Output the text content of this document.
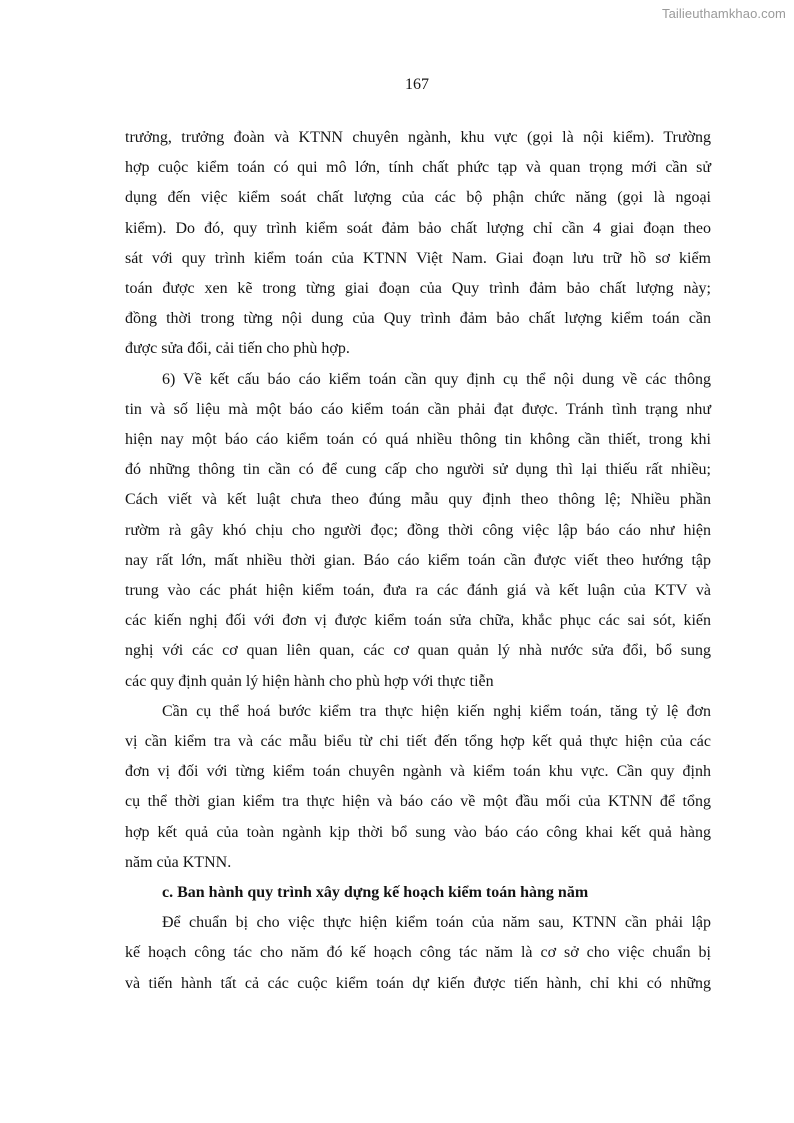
Tailieuthamkhao.com
167

trưởng, trưởng đoàn và KTNN chuyên ngành, khu vực (gọi là nội kiểm). Trường
hợp cuộc kiểm toán có qui mô lớn, tính chất phức tạp và quan trọng mới cần sử
dụng đến việc kiểm soát chất lượng của các bộ phận chức năng (gọi là ngoại
kiểm). Do đó, quy trình kiểm soát đảm bảo chất lượng chỉ cần 4 giai đoạn theo
sát với quy trình kiểm toán của KTNN Việt Nam. Giai đoạn lưu trữ hồ sơ kiểm
toán được xen kẽ trong từng giai đoạn của Quy trình đảm bảo chất lượng này;
đồng thời trong từng nội dung của Quy trình đảm bảo chất lượng kiểm toán cần
được sửa đổi, cải tiến cho phù hợp.

6) Về kết cấu báo cáo kiểm toán cần quy định cụ thể nội dung về các thông
tin và số liệu mà một báo cáo kiểm toán cần phải đạt được. Tránh tình trạng như
hiện nay một báo cáo kiểm toán có quá nhiều thông tin không cần thiết, trong khi
đó những thông tin cần có để cung cấp cho người sử dụng thì lại thiếu rất nhiều;
Cách viết và kết luật chưa theo đúng mẫu quy định theo thông lệ; Nhiều phần
rườm rà gây khó chịu cho người đọc; đồng thời công việc lập báo cáo như hiện
nay rất lớn, mất nhiều thời gian. Báo cáo kiểm toán cần được viết theo hướng tập
trung vào các phát hiện kiểm toán, đưa ra các đánh giá và kết luận của KTV và
các kiến nghị đối với đơn vị được kiểm toán sửa chữa, khắc phục các sai sót, kiến
nghị với các cơ quan liên quan, các cơ quan quản lý nhà nước sửa đổi, bổ sung
các quy định quản lý hiện hành cho phù hợp với thực tiễn

Cần cụ thể hoá bước kiểm tra thực hiện kiến nghị kiểm toán, tăng tỷ lệ đơn
vị cần kiểm tra và các mẫu biểu từ chi tiết đến tổng hợp kết quả thực hiện của các
đơn vị đối với từng kiểm toán chuyên ngành và kiểm toán khu vực. Cần quy định
cụ thể thời gian kiểm tra thực hiện và báo cáo về một đầu mối của KTNN để tổng
hợp kết quả của toàn ngành kịp thời bổ sung vào báo cáo công khai kết quả hàng
năm của KTNN.

c. Ban hành quy trình xây dựng kế hoạch kiểm toán hàng năm

Để chuẩn bị cho việc thực hiện kiểm toán của năm sau, KTNN cần phải lập
kế hoạch công tác cho năm đó kế hoạch công tác năm là cơ sở cho việc chuẩn bị
và tiến hành tất cả các cuộc kiểm toán dự kiến được tiến hành, chỉ khi có những
